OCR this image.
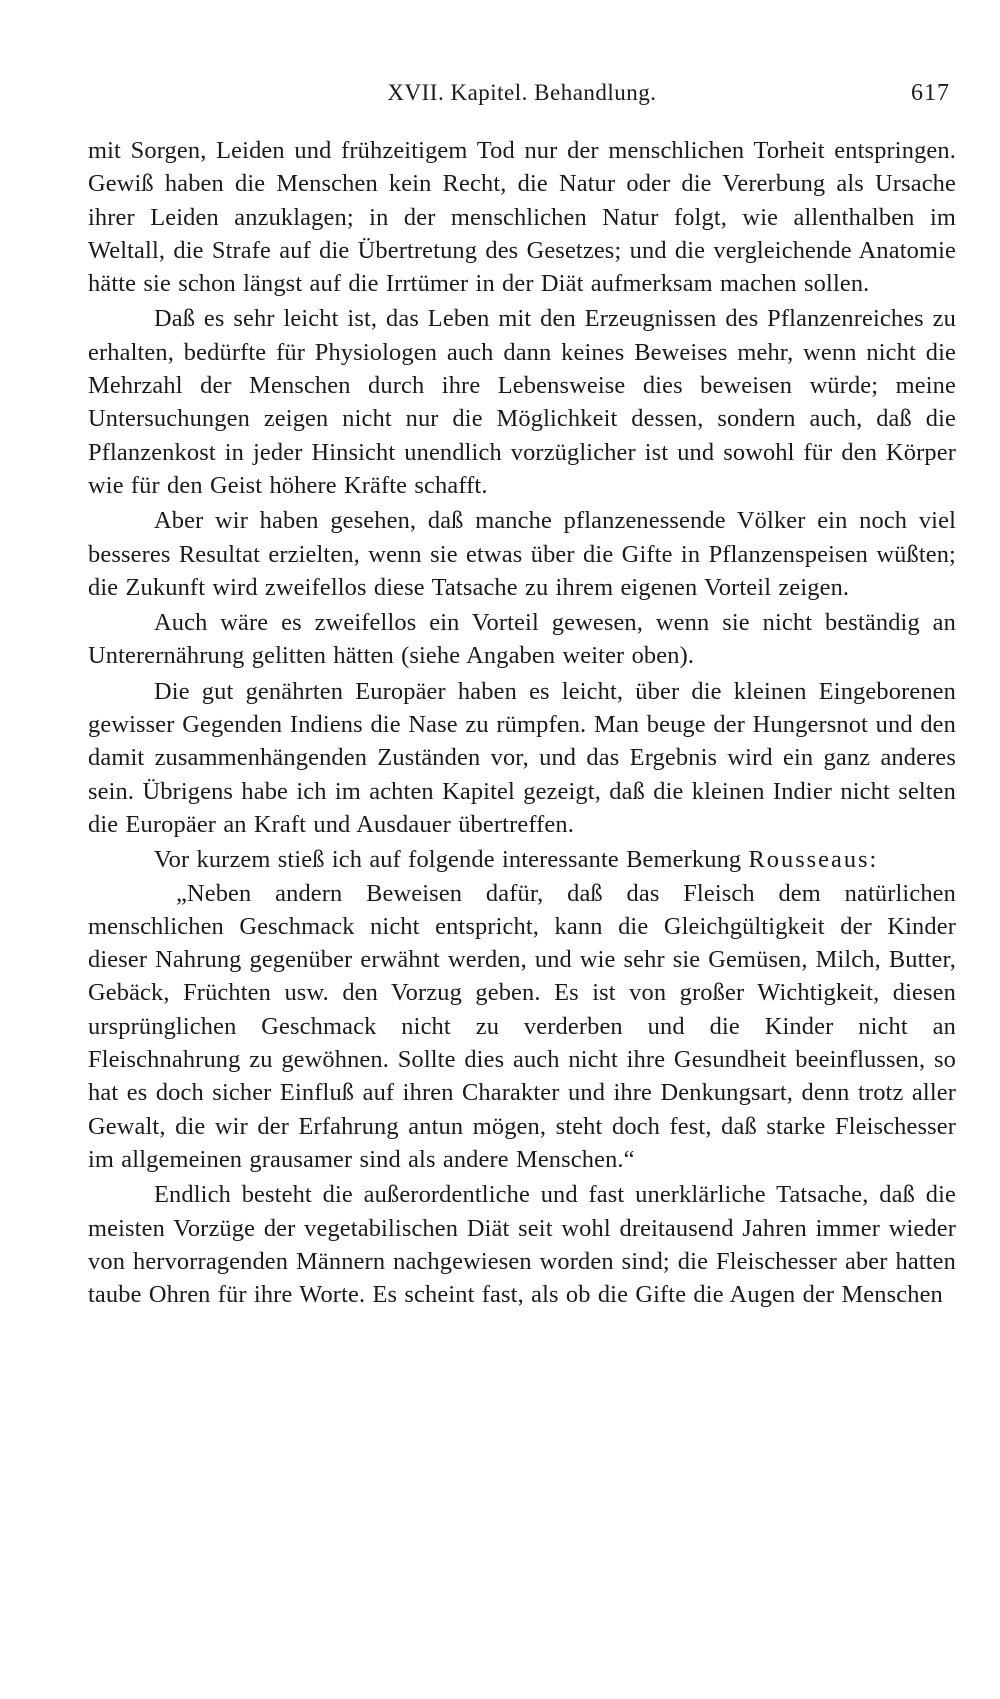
XVII. Kapitel. Behandlung.	617

mit Sorgen, Leiden und frühzeitigem Tod nur der menschlichen Torheit entspringen. Gewiß haben die Menschen kein Recht, die Natur oder die Vererbung als Ursache ihrer Leiden anzuklagen; in der menschlichen Natur folgt, wie allenthalben im Weltall, die Strafe auf die Übertretung des Gesetzes; und die vergleichende Anatomie hätte sie schon längst auf die Irrtümer in der Diät aufmerksam machen sollen.

Daß es sehr leicht ist, das Leben mit den Erzeugnissen des Pflanzenreiches zu erhalten, bedürfte für Physiologen auch dann keines Beweises mehr, wenn nicht die Mehrzahl der Menschen durch ihre Lebensweise dies beweisen würde; meine Untersuchungen zeigen nicht nur die Möglichkeit dessen, sondern auch, daß die Pflanzenkost in jeder Hinsicht unendlich vorzüglicher ist und sowohl für den Körper wie für den Geist höhere Kräfte schafft.

Aber wir haben gesehen, daß manche pflanzenessende Völker ein noch viel besseres Resultat erzielten, wenn sie etwas über die Gifte in Pflanzenspeisen wüßten; die Zukunft wird zweifellos diese Tatsache zu ihrem eigenen Vorteil zeigen.

Auch wäre es zweifellos ein Vorteil gewesen, wenn sie nicht beständig an Unterernährung gelitten hätten (siehe Angaben weiter oben).

Die gut genährten Europäer haben es leicht, über die kleinen Eingeborenen gewisser Gegenden Indiens die Nase zu rümpfen. Man beuge der Hungersnot und den damit zusammenhängenden Zuständen vor, und das Ergebnis wird ein ganz anderes sein. Übrigens habe ich im achten Kapitel gezeigt, daß die kleinen Indier nicht selten die Europäer an Kraft und Ausdauer übertreffen.

Vor kurzem stieß ich auf folgende interessante Bemerkung Rousseaus:

„Neben andern Beweisen dafür, daß das Fleisch dem natürlichen menschlichen Geschmack nicht entspricht, kann die Gleichgültigkeit der Kinder dieser Nahrung gegenüber erwähnt werden, und wie sehr sie Gemüsen, Milch, Butter, Gebäck, Früchten usw. den Vorzug geben. Es ist von großer Wichtigkeit, diesen ursprünglichen Geschmack nicht zu verderben und die Kinder nicht an Fleischnahrung zu gewöhnen. Sollte dies auch nicht ihre Gesundheit beeinflussen, so hat es doch sicher Einfluß auf ihren Charakter und ihre Denkungsart, denn trotz aller Gewalt, die wir der Erfahrung antun mögen, steht doch fest, daß starke Fleischesser im allgemeinen grausamer sind als andere Menschen.“

Endlich besteht die außerordentliche und fast unerklärliche Tatsache, daß die meisten Vorzüge der vegetabilischen Diät seit wohl dreitausend Jahren immer wieder von hervorragenden Männern nachgewiesen worden sind; die Fleischesser aber hatten taube Ohren für ihre Worte. Es scheint fast, als ob die Gifte die Augen der Menschen
